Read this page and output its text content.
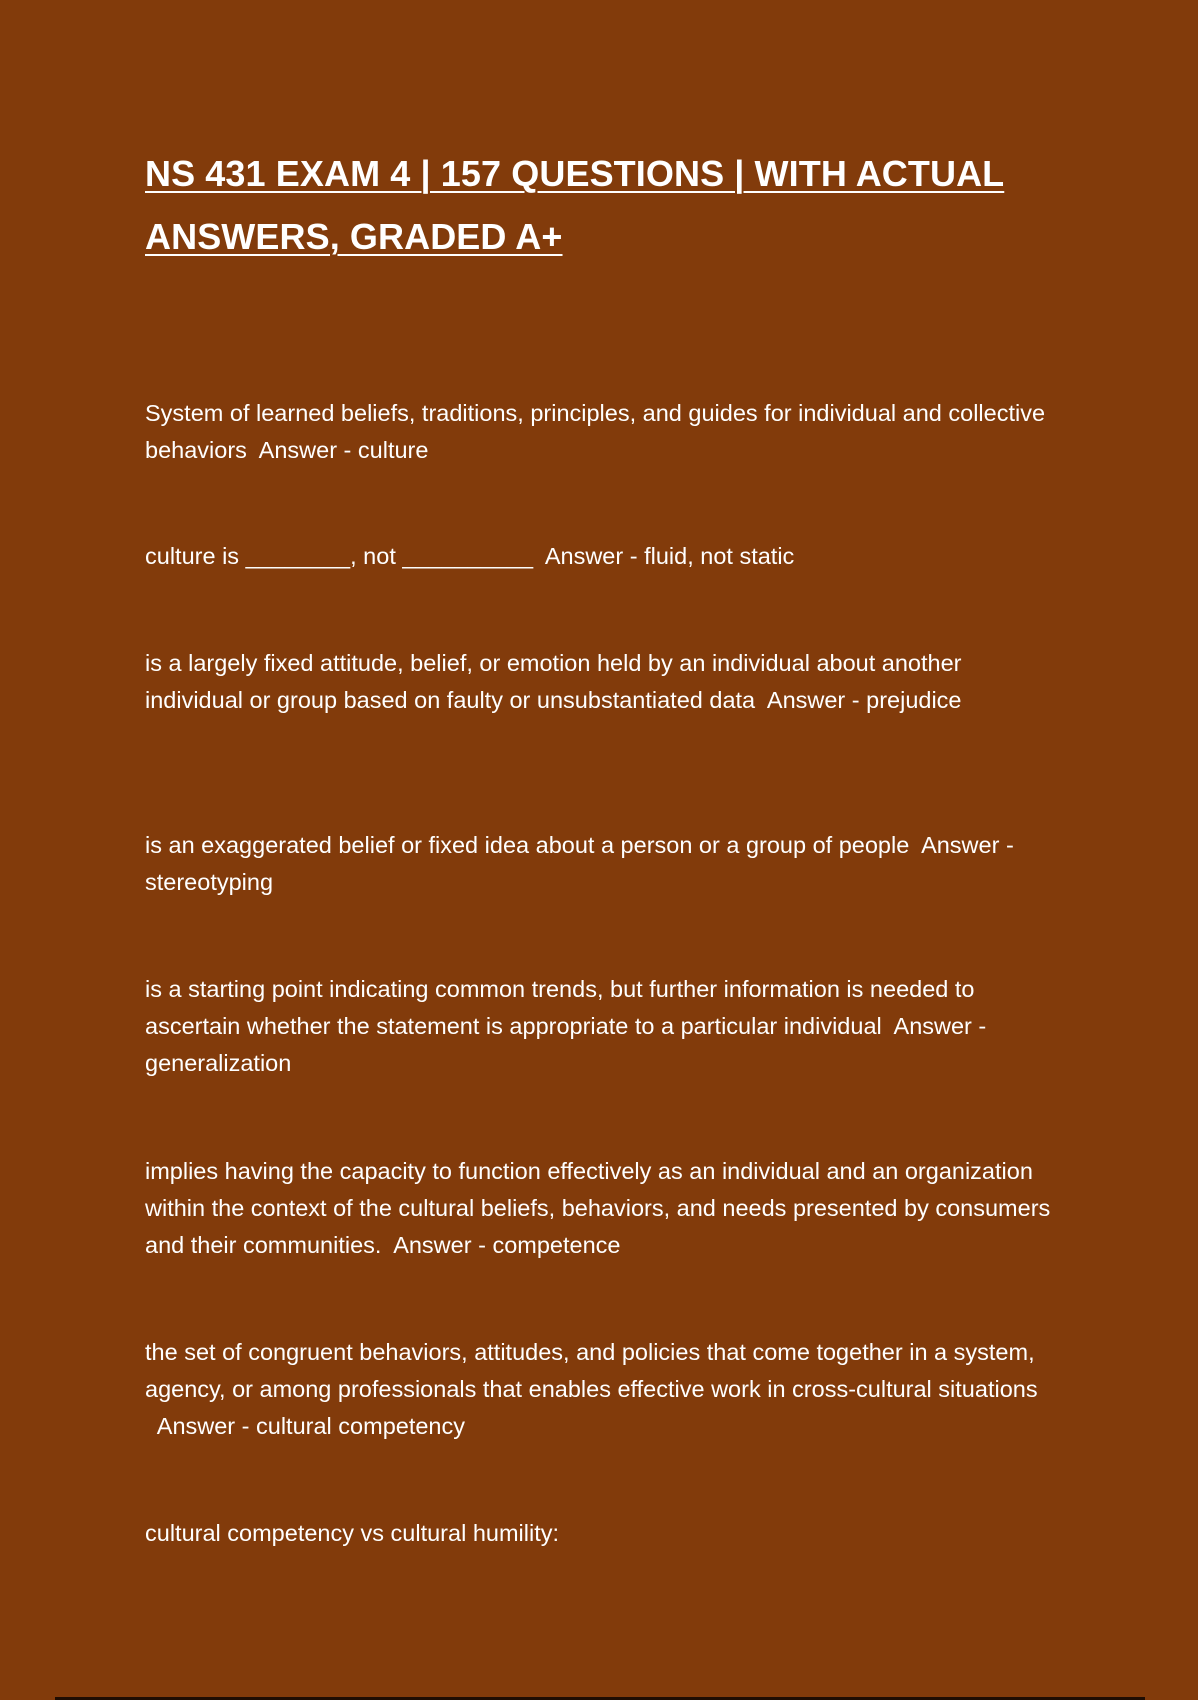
NS 431 EXAM 4 | 157 QUESTIONS | WITH ACTUAL ANSWERS, GRADED A+

System of learned beliefs, traditions, principles, and guides for individual and collective behaviors Answer - culture

culture is ________, not __________ Answer - fluid, not static

is a largely fixed attitude, belief, or emotion held by an individual about another individual or group based on faulty or unsubstantiated data Answer - prejudice

is an exaggerated belief or fixed idea about a person or a group of people Answer - stereotyping

is a starting point indicating common trends, but further information is needed to ascertain whether the statement is appropriate to a particular individual Answer - generalization

implies having the capacity to function effectively as an individual and an organization within the context of the cultural beliefs, behaviors, and needs presented by consumers and their communities. Answer - competence

the set of congruent behaviors, attitudes, and policies that come together in a system, agency, or among professionals that enables effective work in cross-cultural situations  Answer - cultural competency

cultural competency vs cultural humility:
